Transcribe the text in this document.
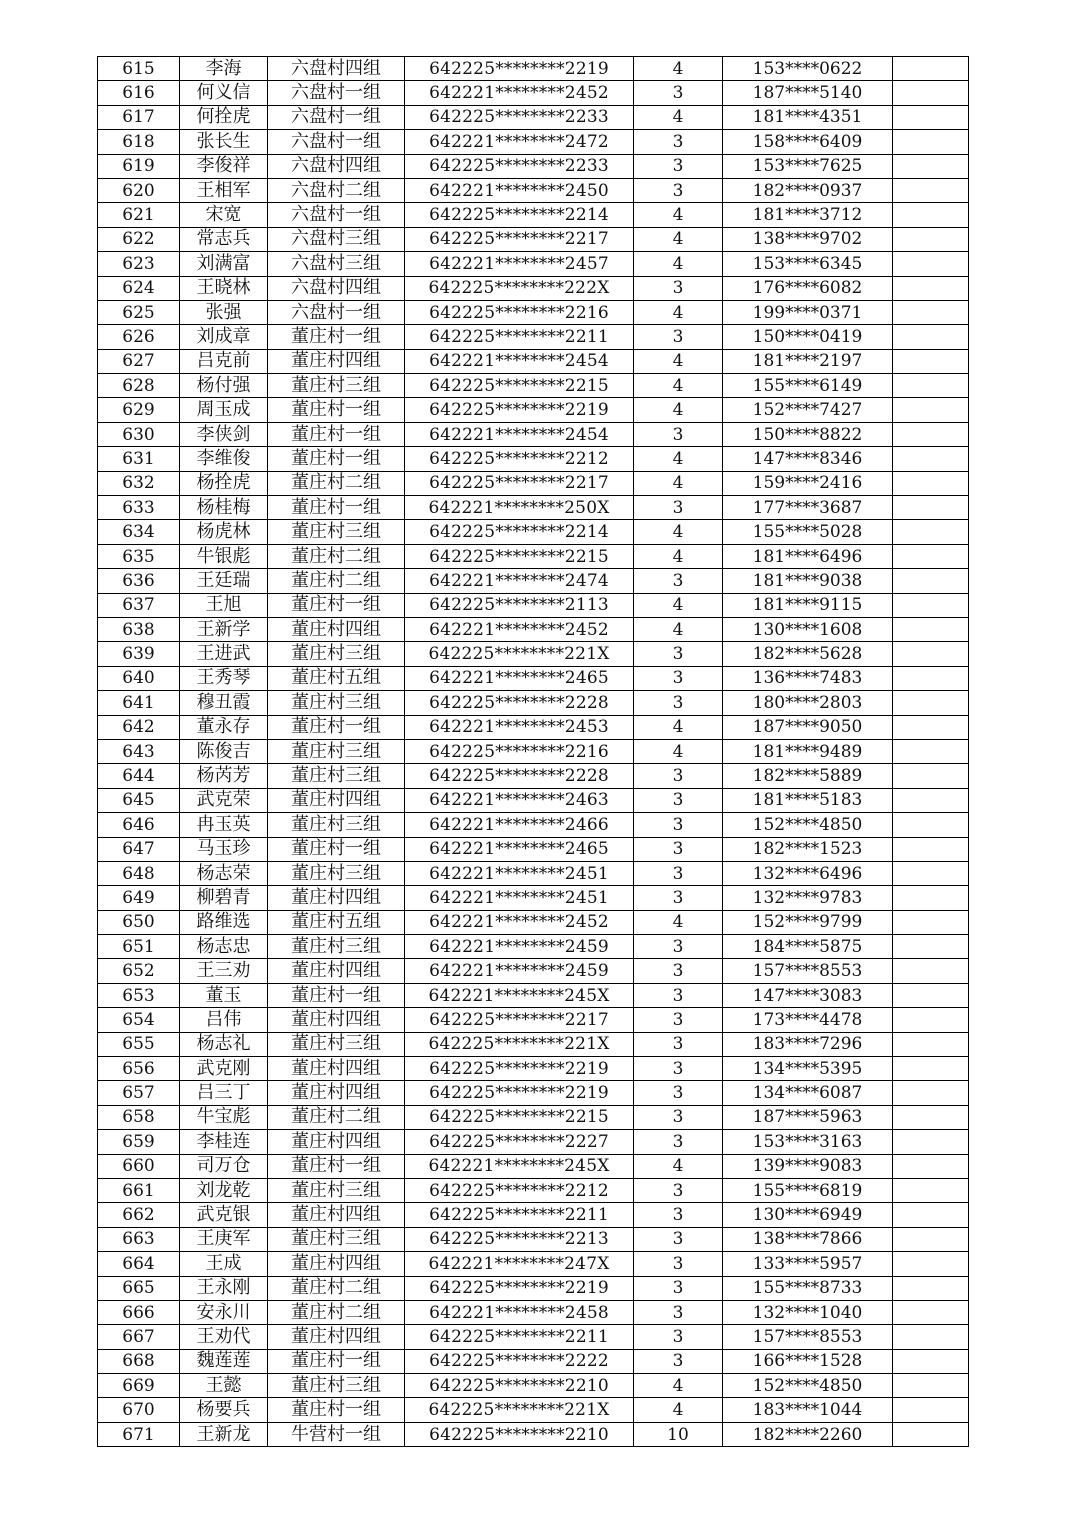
615	李海	六盘村四组	642225********2219	4	153****0622	
616	何义信	六盘村一组	642221********2452	3	187****5140	
617	何拴虎	六盘村一组	642225********2233	4	181****4351	
618	张长生	六盘村一组	642221********2472	3	158****6409	
619	李俊祥	六盘村四组	642225********2233	3	153****7625	
620	王相军	六盘村二组	642221********2450	3	182****0937	
621	宋宽	六盘村一组	642225********2214	4	181****3712	
622	常志兵	六盘村三组	642225********2217	4	138****9702	
623	刘满富	六盘村三组	642221********2457	4	153****6345	
624	王晓林	六盘村四组	642225********222X	3	176****6082	
625	张强	六盘村一组	642225********2216	4	199****0371	
626	刘成章	董庄村一组	642225********2211	3	150****0419	
627	吕克前	董庄村四组	642221********2454	4	181****2197	
628	杨付强	董庄村三组	642225********2215	4	155****6149	
629	周玉成	董庄村一组	642225********2219	4	152****7427	
630	李侠剑	董庄村一组	642221********2454	3	150****8822	
631	李维俊	董庄村一组	642225********2212	4	147****8346	
632	杨拴虎	董庄村二组	642225********2217	4	159****2416	
633	杨桂梅	董庄村一组	642221********250X	3	177****3687	
634	杨虎林	董庄村三组	642225********2214	4	155****5028	
635	牛银彪	董庄村二组	642225********2215	4	181****6496	
636	王廷瑞	董庄村二组	642221********2474	3	181****9038	
637	王旭	董庄村一组	642225********2113	4	181****9115	
638	王新学	董庄村四组	642221********2452	4	130****1608	
639	王进武	董庄村三组	642225********221X	3	182****5628	
640	王秀琴	董庄村五组	642221********2465	3	136****7483	
641	穆丑霞	董庄村三组	642225********2228	3	180****2803	
642	董永存	董庄村一组	642221********2453	4	187****9050	
643	陈俊吉	董庄村三组	642225********2216	4	181****9489	
644	杨芮芳	董庄村三组	642225********2228	3	182****5889	
645	武克荣	董庄村四组	642221********2463	3	181****5183	
646	冉玉英	董庄村三组	642221********2466	3	152****4850	
647	马玉珍	董庄村一组	642221********2465	3	182****1523	
648	杨志荣	董庄村三组	642221********2451	3	132****6496	
649	柳碧青	董庄村四组	642221********2451	3	132****9783	
650	路维选	董庄村五组	642221********2452	4	152****9799	
651	杨志忠	董庄村三组	642221********2459	3	184****5875	
652	王三劝	董庄村四组	642221********2459	3	157****8553	
653	董玉	董庄村一组	642221********245X	3	147****3083	
654	吕伟	董庄村四组	642225********2217	3	173****4478	
655	杨志礼	董庄村三组	642225********221X	3	183****7296	
656	武克刚	董庄村四组	642225********2219	3	134****5395	
657	吕三丁	董庄村四组	642225********2219	3	134****6087	
658	牛宝彪	董庄村二组	642225********2215	3	187****5963	
659	李桂连	董庄村四组	642225********2227	3	153****3163	
660	司万仓	董庄村一组	642221********245X	4	139****9083	
661	刘龙乾	董庄村三组	642225********2212	3	155****6819	
662	武克银	董庄村四组	642225********2211	3	130****6949	
663	王庚军	董庄村三组	642225********2213	3	138****7866	
664	王成	董庄村四组	642221********247X	3	133****5957	
665	王永刚	董庄村二组	642225********2219	3	155****8733	
666	安永川	董庄村二组	642221********2458	3	132****1040	
667	王劝代	董庄村四组	642225********2211	3	157****8553	
668	魏莲莲	董庄村一组	642225********2222	3	166****1528	
669	王懿	董庄村三组	642225********2210	4	152****4850	
670	杨要兵	董庄村一组	642225********221X	4	183****1044	
671	王新龙	牛营村一组	642225********2210	10	182****2260	
